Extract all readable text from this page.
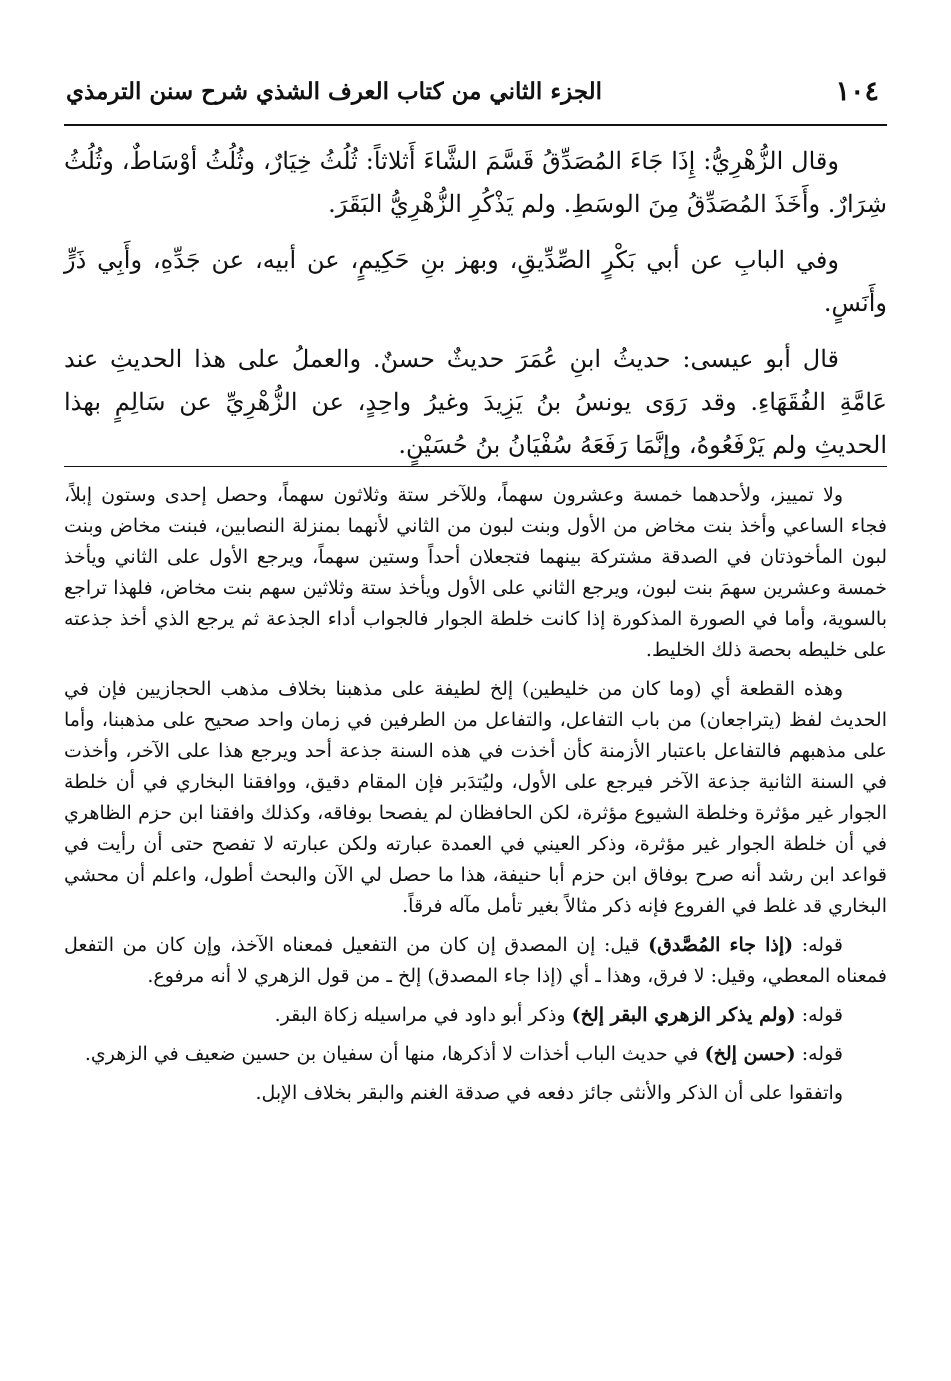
١٠٤
الجزء الثاني من كتاب العرف الشذي شرح سنن الترمذي

وقال الزُّهْرِيُّ: إِذَا جَاءَ المُصَدِّقُ قَسَّمَ الشَّاءَ أَثلاثاً: ثُلُثُ خِيَارٌ، وثُلُثُ أوْسَاطٌ، وثُلُثُ شِرَارٌ. وأَخَذَ المُصَدِّقُ مِنَ الوسَطِ. ولم يَذْكُرِ الزُّهْرِيُّ البَقَرَ.

وفي البابِ عن أبي بَكْرٍ الصِّدِّيقِ، وبهز بنِ حَكِيمٍ، عن أبيه، عن جَدِّهِ، وأَبِي ذَرٍّ وأَنَسٍ.

قال أبو عيسى: حديثُ ابنِ عُمَرَ حديثٌ حسنٌ. والعملُ على هذا الحديثِ عند عَامَّةِ الفُقَهَاءِ. وقد رَوَى يونسُ بنُ يَزِيدَ وغيرُ واحِدٍ، عن الزُّهْرِيِّ عن سَالِمٍ بهذا الحديثِ ولم يَرْفَعُوهُ، وإنَّمَا رَفَعَهُ سُفْيَانُ بنُ حُسَيْنٍ.

ولا تمييز، ولأحدهما خمسة وعشرون سهماً، وللآخر ستة وثلاثون سهماً، وحصل إحدى وستون إبلاً، فجاء الساعي وأخذ بنت مخاض من الأول وبنت لبون من الثاني لأنهما بمنزلة النصابين، فبنت مخاض وبنت لبون المأخوذتان في الصدقة مشتركة بينهما فتجعلان أحداً وستين سهماً، ويرجع الأول على الثاني ويأخذ خمسة وعشرين سهمَ بنت لبون، ويرجع الثاني على الأول ويأخذ ستة وثلاثين سهم بنت مخاض، فلهذا تراجع بالسوية، وأما في الصورة المذكورة إذا كانت خلطة الجوار فالجواب أداء الجذعة ثم يرجع الذي أخذ جذعته على خليطه بحصة ذلك الخليط.

وهذه القطعة أي (وما كان من خليطين) إلخ لطيفة على مذهبنا بخلاف مذهب الحجازيين فإن في الحديث لفظ (يتراجعان) من باب التفاعل، والتفاعل من الطرفين في زمان واحد صحيح على مذهبنا، وأما على مذهبهم فالتفاعل باعتبار الأزمنة كأن أخذت في هذه السنة جذعة أحد ويرجع هذا على الآخر، وأخذت في السنة الثانية جذعة الآخر فيرجع على الأول، وليُتدَبر فإن المقام دقيق، ووافقنا البخاري في أن خلطة الجوار غير مؤثرة وخلطة الشيوع مؤثرة، لكن الحافظان لم يفصحا بوفاقه، وكذلك وافقنا ابن حزم الظاهري في أن خلطة الجوار غير مؤثرة، وذكر العيني في العمدة عبارته ولكن عبارته لا تفصح حتى أن رأيت في قواعد ابن رشد أنه صرح بوفاق ابن حزم أبا حنيفة، هذا ما حصل لي الآن والبحث أطول، واعلم أن محشي البخاري قد غلط في الفروع فإنه ذكر مثالاً بغير تأمل مآله فرقاً.

قوله: (إذا جاء المُصَّدق) قيل: إن المصدق إن كان من التفعيل فمعناه الآخذ، وإن كان من التفعل فمعناه المعطي، وقيل: لا فرق، وهذا ـ أي (إذا جاء المصدق) إلخ ـ من قول الزهري لا أنه مرفوع.

قوله: (ولم يذكر الزهري البقر إلخ) وذكر أبو داود في مراسيله زكاة البقر.

قوله: (حسن إلخ) في حديث الباب أخذات لا أذكرها، منها أن سفيان بن حسين ضعيف في الزهري.

واتفقوا على أن الذكر والأنثى جائز دفعه في صدقة الغنم والبقر بخلاف الإبل.
